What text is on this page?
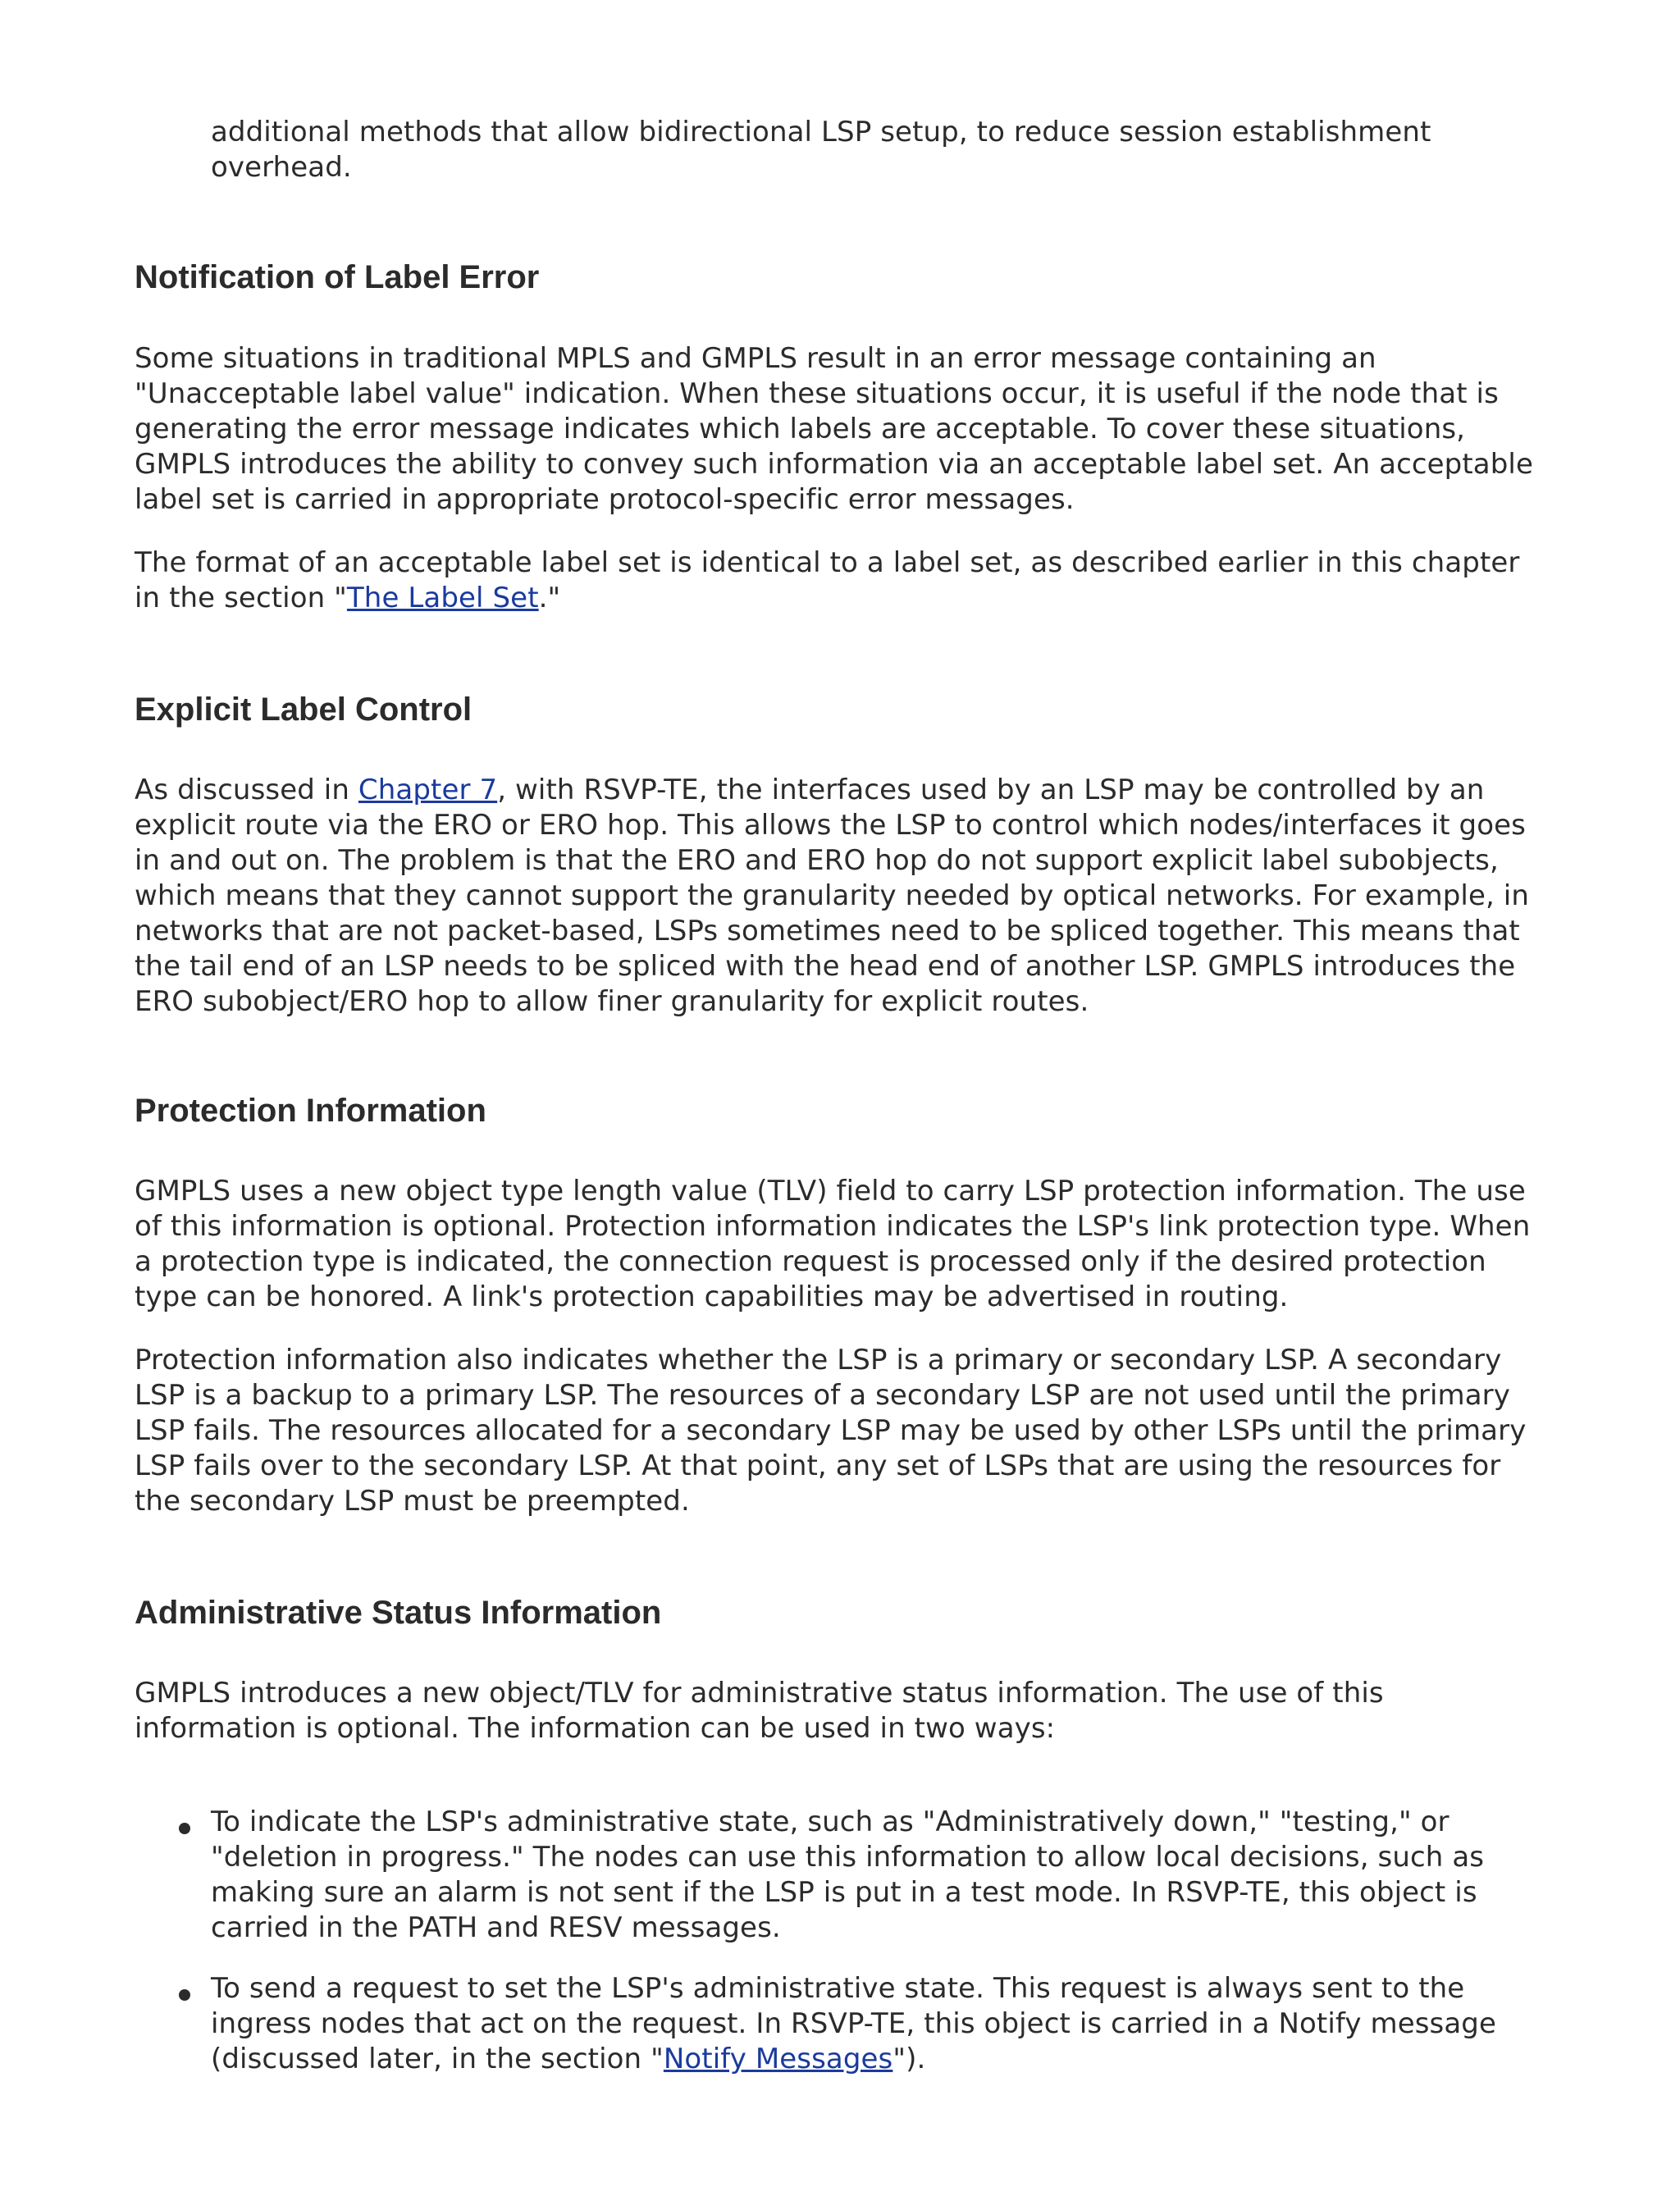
additional methods that allow bidirectional LSP setup, to reduce session establishment overhead.

Notification of Label Error

Some situations in traditional MPLS and GMPLS result in an error message containing an "Unacceptable label value" indication. When these situations occur, it is useful if the node that is generating the error message indicates which labels are acceptable. To cover these situations, GMPLS introduces the ability to convey such information via an acceptable label set. An acceptable label set is carried in appropriate protocol-specific error messages.

The format of an acceptable label set is identical to a label set, as described earlier in this chapter in the section "The Label Set."

Explicit Label Control

As discussed in Chapter 7, with RSVP-TE, the interfaces used by an LSP may be controlled by an explicit route via the ERO or ERO hop. This allows the LSP to control which nodes/interfaces it goes in and out on. The problem is that the ERO and ERO hop do not support explicit label subobjects, which means that they cannot support the granularity needed by optical networks. For example, in networks that are not packet-based, LSPs sometimes need to be spliced together. This means that the tail end of an LSP needs to be spliced with the head end of another LSP. GMPLS introduces the ERO subobject/ERO hop to allow finer granularity for explicit routes.

Protection Information

GMPLS uses a new object type length value (TLV) field to carry LSP protection information. The use of this information is optional. Protection information indicates the LSP's link protection type. When a protection type is indicated, the connection request is processed only if the desired protection type can be honored. A link's protection capabilities may be advertised in routing.

Protection information also indicates whether the LSP is a primary or secondary LSP. A secondary LSP is a backup to a primary LSP. The resources of a secondary LSP are not used until the primary LSP fails. The resources allocated for a secondary LSP may be used by other LSPs until the primary LSP fails over to the secondary LSP. At that point, any set of LSPs that are using the resources for the secondary LSP must be preempted.

Administrative Status Information

GMPLS introduces a new object/TLV for administrative status information. The use of this information is optional. The information can be used in two ways:

To indicate the LSP's administrative state, such as "Administratively down," "testing," or "deletion in progress." The nodes can use this information to allow local decisions, such as making sure an alarm is not sent if the LSP is put in a test mode. In RSVP-TE, this object is carried in the PATH and RESV messages.

To send a request to set the LSP's administrative state. This request is always sent to the ingress nodes that act on the request. In RSVP-TE, this object is carried in a Notify message (discussed later, in the section "Notify Messages").
